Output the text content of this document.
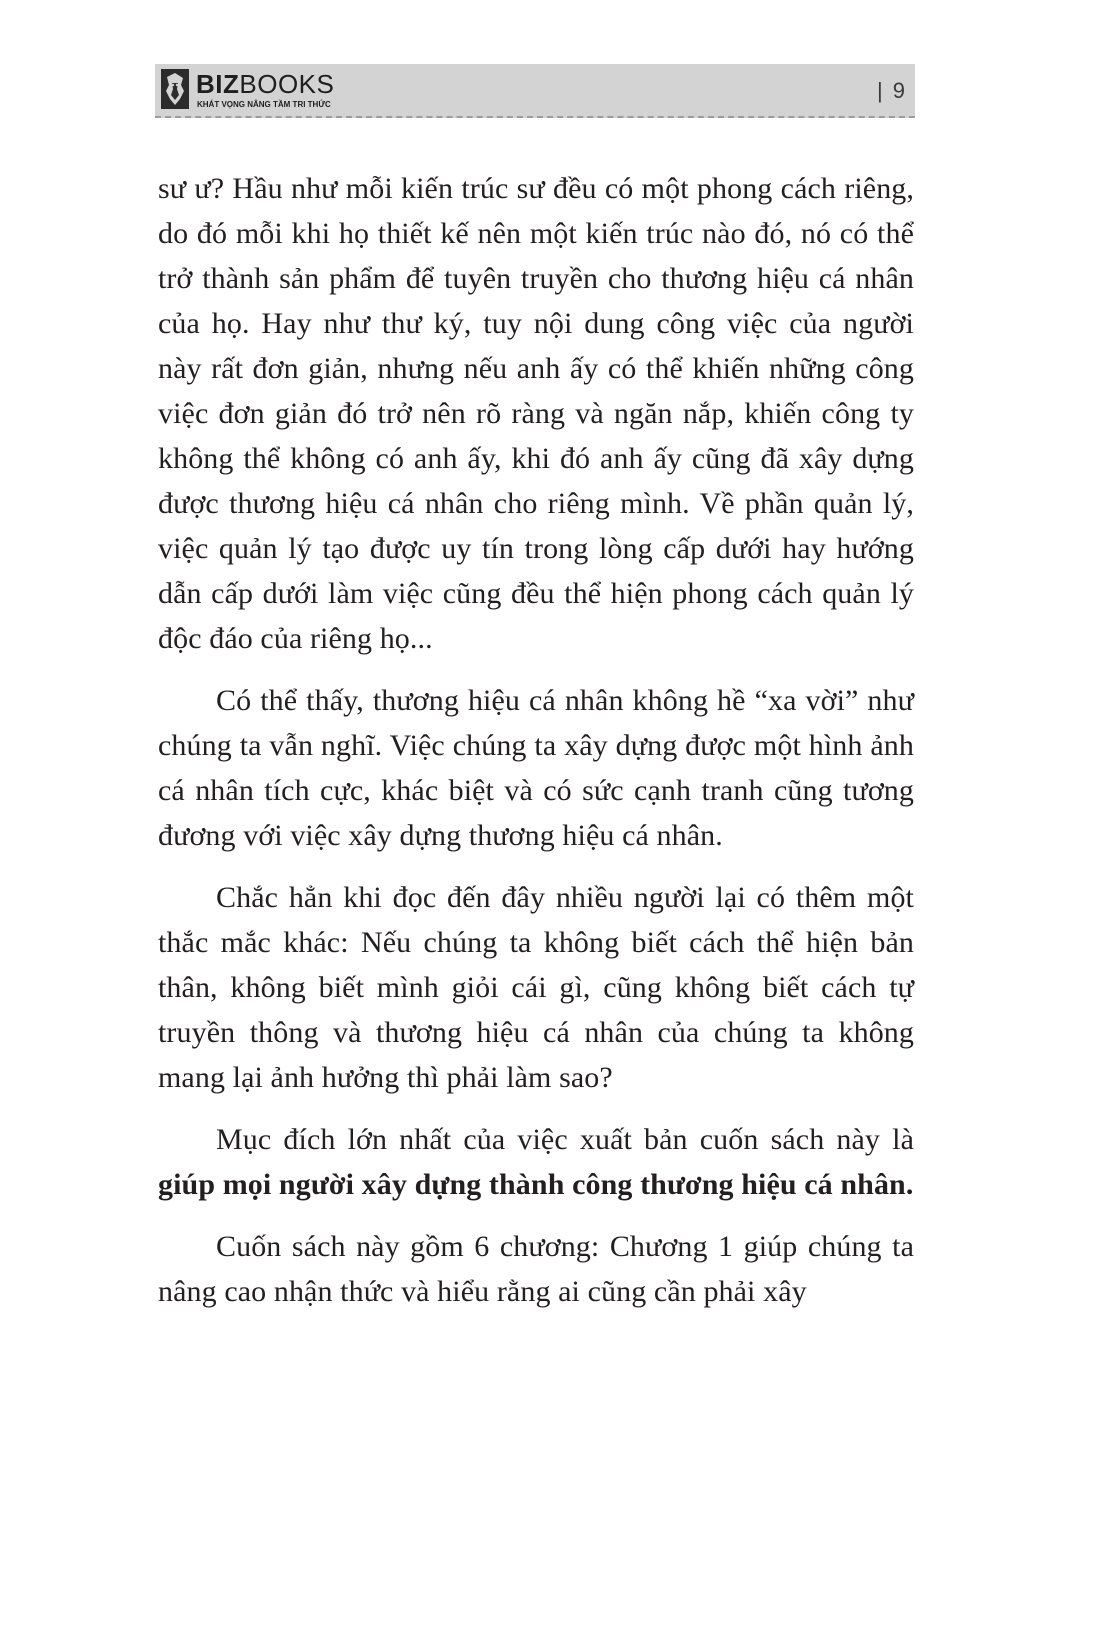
BIZBOOKS
KHÁT VỌNG NÂNG TẦM TRI THỨC
| 9

sư ư? Hầu như mỗi kiến trúc sư đều có một phong cách riêng, do đó mỗi khi họ thiết kế nên một kiến trúc nào đó, nó có thể trở thành sản phẩm để tuyên truyền cho thương hiệu cá nhân của họ. Hay như thư ký, tuy nội dung công việc của người này rất đơn giản, nhưng nếu anh ấy có thể khiến những công việc đơn giản đó trở nên rõ ràng và ngăn nắp, khiến công ty không thể không có anh ấy, khi đó anh ấy cũng đã xây dựng được thương hiệu cá nhân cho riêng mình. Về phần quản lý, việc quản lý tạo được uy tín trong lòng cấp dưới hay hướng dẫn cấp dưới làm việc cũng đều thể hiện phong cách quản lý độc đáo của riêng họ...

Có thể thấy, thương hiệu cá nhân không hề “xa vời” như chúng ta vẫn nghĩ. Việc chúng ta xây dựng được một hình ảnh cá nhân tích cực, khác biệt và có sức cạnh tranh cũng tương đương với việc xây dựng thương hiệu cá nhân.

Chắc hẳn khi đọc đến đây nhiều người lại có thêm một thắc mắc khác: Nếu chúng ta không biết cách thể hiện bản thân, không biết mình giỏi cái gì, cũng không biết cách tự truyền thông và thương hiệu cá nhân của chúng ta không mang lại ảnh hưởng thì phải làm sao?

Mục đích lớn nhất của việc xuất bản cuốn sách này là giúp mọi người xây dựng thành công thương hiệu cá nhân.

Cuốn sách này gồm 6 chương: Chương 1 giúp chúng ta nâng cao nhận thức và hiểu rằng ai cũng cần phải xây
